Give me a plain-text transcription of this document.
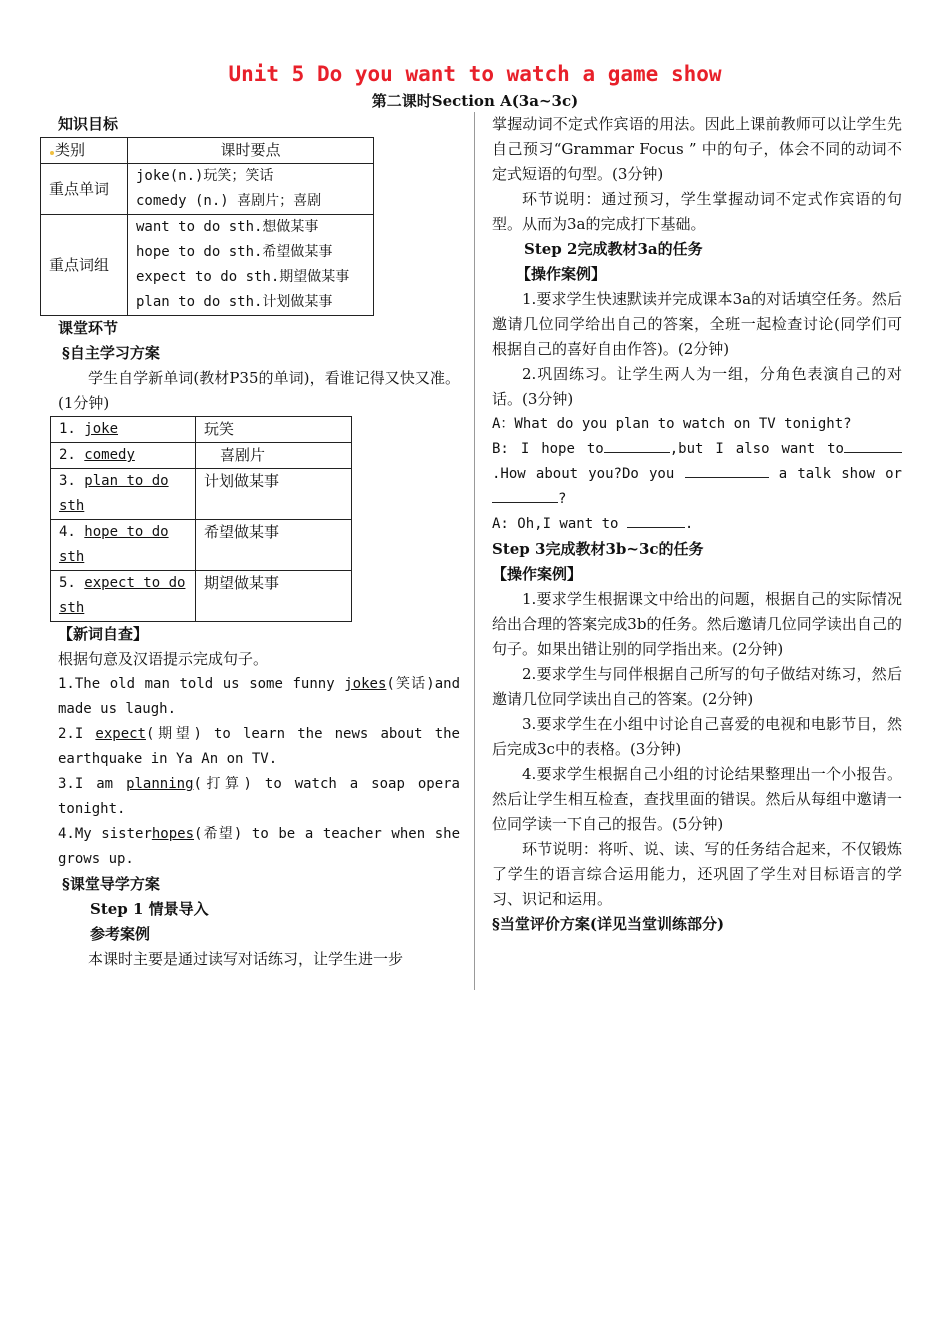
Unit 5 Do you want to watch a game show
第二课时Section A(3a~3c)

知识目标

类别	课时要点
重点单词	joke(n.)玩笑；笑话
comedy (n.) 喜剧片；喜剧

重点词组	want to do sth.想做某事
hope to do sth.希望做某事
expect to do sth.期望做某事
plan to do sth.计划做某事

课堂环节

§自主学习方案

学生自学新单词(教材P35的单词)，看谁记得又快又准。(1分钟)

1. joke	玩笑
2. comedy	喜剧片
3. plan to do sth	计划做某事
4. hope to do sth	希望做某事
5. expect to do sth	期望做某事

【新词自查】

根据句意及汉语提示完成句子。

1.The old man told us some funny jokes(笑话)and made us laugh.

2.I expect(期望) to learn the news about the earthquake in Ya An on TV.

3.I am planning(打算) to watch a soap opera tonight.

4.My sisterhopes(希望) to be a teacher when she grows up.

§课堂导学方案

Step 1 情景导入

参考案例

本课时主要是通过读写对话练习，让学生进一步

掌握动词不定式作宾语的用法。因此上课前教师可以让学生先自己预习“Grammar Focus ” 中的句子，体会不同的动词不定式短语的句型。(3分钟)

环节说明：通过预习，学生掌握动词不定式作宾语的句型。从而为3a的完成打下基础。

Step 2完成教材3a的任务

【操作案例】

1.要求学生快速默读并完成课本3a的对话填空任务。然后邀请几位同学给出自己的答案，全班一起检查讨论(同学们可根据自己的喜好自由作答)。(2分钟)

2.巩固练习。让学生两人为一组，分角色表演自己的对话。(3分钟)

A：What do you plan to watch on TV tonight?

B: I hope to	,but I also want to.How about you?Do you	a talk show or ?

A: Oh,I want to	.

Step 3完成教材3b~3c的任务

【操作案例】

1.要求学生根据课文中给出的问题，根据自己的实际情况给出合理的答案完成3b的任务。然后邀请几位同学读出自己的句子。如果出错让别的同学指出来。(2分钟)

2.要求学生与同伴根据自己所写的句子做结对练习，然后邀请几位同学读出自己的答案。(2分钟)

3.要求学生在小组中讨论自己喜爱的电视和电影节目，然后完成3c中的表格。(3分钟)

4.要求学生根据自己小组的讨论结果整理出一个小报告。然后让学生相互检查，查找里面的错误。然后从每组中邀请一位同学读一下自己的报告。(5分钟)

环节说明：将听、说、读、写的任务结合起来，不仅锻炼了学生的语言综合运用能力，还巩固了学生对目标语言的学习、识记和运用。

§当堂评价方案(详见当堂训练部分)
